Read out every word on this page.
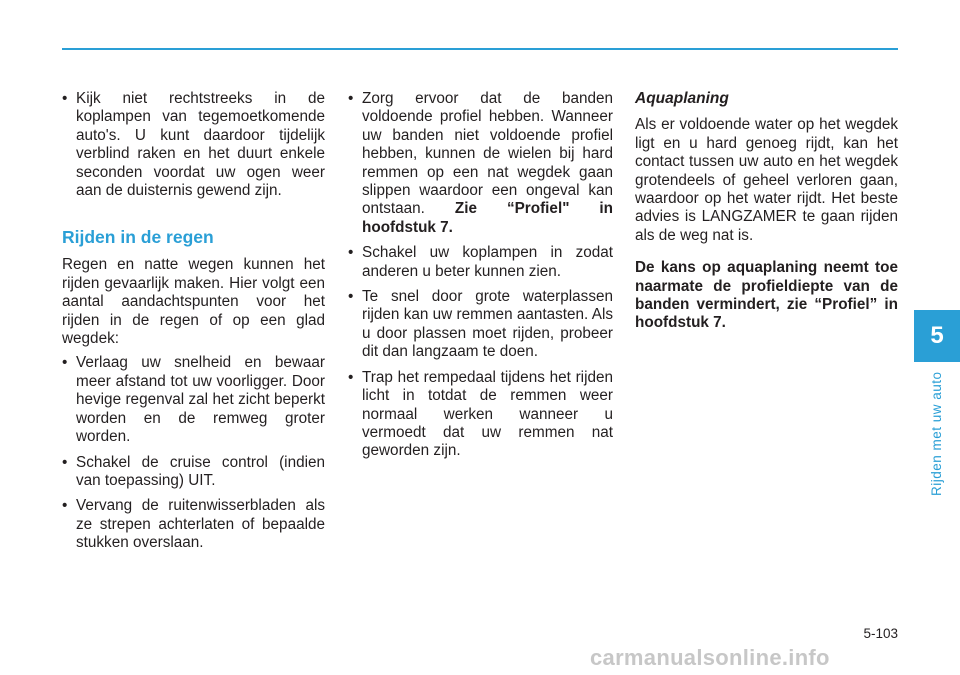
• Kijk niet rechtstreeks in de koplampen van tegemoetkomende auto's. U kunt daardoor tijdelijk verblind raken en het duurt enkele seconden voordat uw ogen weer aan de duisternis gewend zijn.
Rijden in de regen

Regen en natte wegen kunnen het rijden gevaarlijk maken. Hier volgt een aantal aandachtspunten voor het rijden in de regen of op een glad wegdek:

• Verlaag uw snelheid en bewaar meer afstand tot uw voorligger. Door hevige regenval zal het zicht beperkt worden en de remweg groter worden.
• Schakel de cruise control (indien van toepassing) UIT.
• Vervang de ruitenwisserbladen als ze strepen achterlaten of bepaalde stukken overslaan.
• Zorg ervoor dat de banden voldoende profiel hebben. Wanneer uw banden niet voldoende profiel hebben, kunnen de wielen bij hard remmen op een nat wegdek gaan slippen waardoor een ongeval kan ontstaan. Zie “Profiel" in hoofdstuk 7.
• Schakel uw koplampen in zodat anderen u beter kunnen zien.
• Te snel door grote waterplassen rijden kan uw remmen aantasten. Als u door plassen moet rijden, probeer dit dan langzaam te doen.
• Trap het rempedaal tijdens het rijden licht in totdat de remmen weer normaal werken wanneer u vermoedt dat uw remmen nat geworden zijn.
Aquaplaning

Als er voldoende water op het wegdek ligt en u hard genoeg rijdt, kan het contact tussen uw auto en het wegdek grotendeels of geheel verloren gaan, waardoor op het water rijdt. Het beste advies is LANGZAMER te gaan rijden als de weg nat is.

De kans op aquaplaning neemt toe naarmate de profieldiepte van de banden vermindert, zie “Profiel” in hoofdstuk 7.	5
Rijden met uw auto
5-103
carmanualsonline.info
